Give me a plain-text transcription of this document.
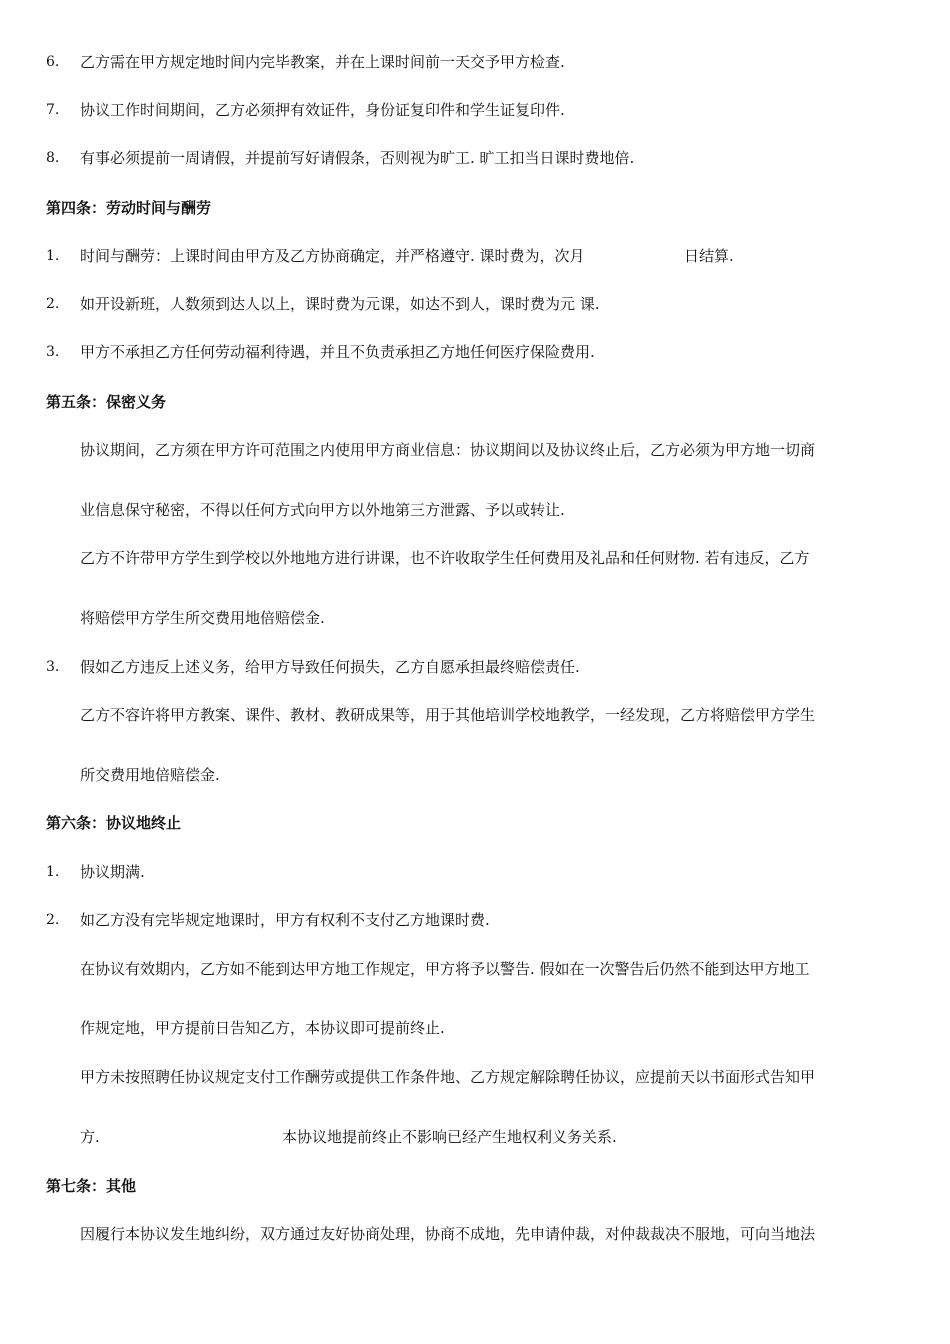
6. 乙方需在甲方规定地时间内完毕教案，并在上课时间前一天交予甲方检查.
7. 协议工作时间期间，乙方必须押有效证件，身份证复印件和学生证复印件.
8. 有事必须提前一周请假，并提前写好请假条，否则视为旷工. 旷工扣当日课时费地倍.
第四条：劳动时间与酬劳
1. 时间与酬劳：上课时间由甲方及乙方协商确定，并严格遵守. 课时费为，次月	日结算.
2. 如开设新班，人数须到达人以上，课时费为元课，如达不到人，课时费为元 课.
3. 甲方不承担乙方任何劳动福利待遇，并且不负责承担乙方地任何医疗保险费用.
第五条：保密义务
协议期间，乙方须在甲方许可范围之内使用甲方商业信息：协议期间以及协议终止后，乙方必须为甲方地一切商
业信息保守秘密，不得以任何方式向甲方以外地第三方泄露、予以或转让.
乙方不许带甲方学生到学校以外地地方进行讲课，也不许收取学生任何费用及礼品和任何财物. 若有违反，乙方
将赔偿甲方学生所交费用地倍赔偿金.
3. 假如乙方违反上述义务，给甲方导致任何损失，乙方自愿承担最终赔偿责任.
乙方不容许将甲方教案、课件、教材、教研成果等，用于其他培训学校地教学，一经发现，乙方将赔偿甲方学生
所交费用地倍赔偿金.
第六条：协议地终止
1. 协议期满.
2. 如乙方没有完毕规定地课时，甲方有权利不支付乙方地课时费.
在协议有效期内，乙方如不能到达甲方地工作规定，甲方将予以警告. 假如在一次警告后仍然不能到达甲方地工
作规定地，甲方提前日告知乙方，本协议即可提前终止.
甲方未按照聘任协议规定支付工作酬劳或提供工作条件地、乙方规定解除聘任协议，应提前天以书面形式告知甲
方.	本协议地提前终止不影响已经产生地权利义务关系.
第七条：其他
因履行本协议发生地纠纷，双方通过友好协商处理，协商不成地，先申请仲裁，对仲裁裁决不服地，可向当地法
